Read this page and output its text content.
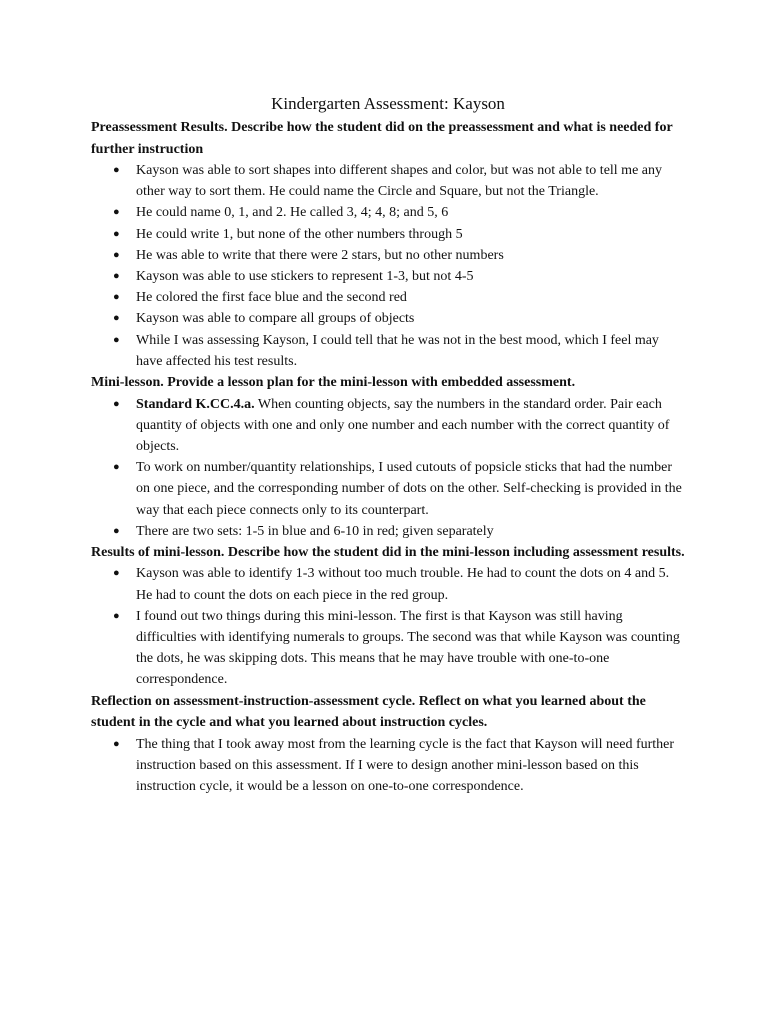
Kindergarten Assessment: Kayson

Preassessment Results. Describe how the student did on the preassessment and what is needed for further instruction

● Kayson was able to sort shapes into different shapes and color, but was not able to tell me any other way to sort them. He could name the Circle and Square, but not the Triangle.
● He could name 0, 1, and 2. He called 3, 4; 4, 8; and 5, 6
● He could write 1, but none of the other numbers through 5
● He was able to write that there were 2 stars, but no other numbers
● Kayson was able to use stickers to represent 1-3, but not 4-5
● He colored the first face blue and the second red
● Kayson was able to compare all groups of objects
● While I was assessing Kayson, I could tell that he was not in the best mood, which I feel may have affected his test results.

Mini-lesson. Provide a lesson plan for the mini-lesson with embedded assessment.

● Standard K.CC.4.a. When counting objects, say the numbers in the standard order. Pair each quantity of objects with one and only one number and each number with the correct quantity of objects.
● To work on number/quantity relationships, I used cutouts of popsicle sticks that had the number on one piece, and the corresponding number of dots on the other. Self-checking is provided in the way that each piece connects only to its counterpart.
● There are two sets: 1-5 in blue and 6-10 in red; given separately

Results of mini-lesson. Describe how the student did in the mini-lesson including assessment results.

● Kayson was able to identify 1-3 without too much trouble. He had to count the dots on 4 and 5. He had to count the dots on each piece in the red group.
● I found out two things during this mini-lesson. The first is that Kayson was still having difficulties with identifying numerals to groups. The second was that while Kayson was counting the dots, he was skipping dots. This means that he may have trouble with one-to-one correspondence.

Reflection on assessment-instruction-assessment cycle. Reflect on what you learned about the student in the cycle and what you learned about instruction cycles.

● The thing that I took away most from the learning cycle is the fact that Kayson will need further instruction based on this assessment. If I were to design another mini-lesson based on this instruction cycle, it would be a lesson on one-to-one correspondence.
